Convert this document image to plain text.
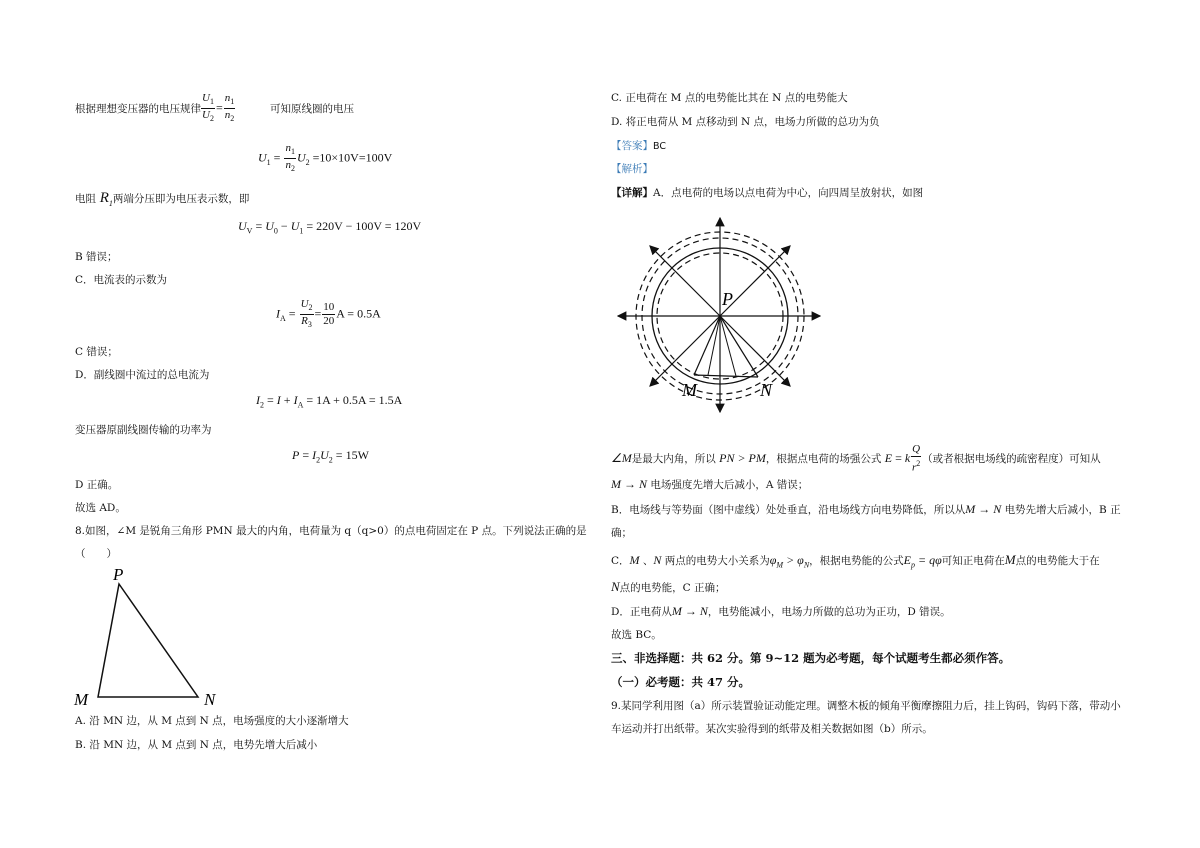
根据理想变压器的电压规律 $\frac{U_1}{U_2} = \frac{n_1}{n_2}$	可知原线圈的电压
$U_1 = \frac{n_1}{n_2} U_2 =10\times 10V=100V$
电阻 $R_1$两端分压即为电压表示数，即
$U_V = U_0 - U_1 = 220V - 100V = 120V$
B 错误；
C．电流表的示数为
$I_A = \frac{U_2}{R_3} = \frac{10}{20}$ A = 0.5A
C 错误；
D．副线圈中流过的总电流为
$I_2 = I + I_A = 1A + 0.5A = 1.5A$
变压器原副线圈传输的功率为
$P = I_2U_2 = 15W$
D 正确。
故选 AD。
8.如图，∠M 是锐角三角形 PMN 最大的内角，电荷量为 q（q>0）的点电荷固定在 P 点。下列说法正确的是
（　　）
P
M	N
A. 沿 MN 边，从 M 点到 N 点，电场强度的大小逐渐增大
B. 沿 MN 边，从 M 点到 N 点，电势先增大后减小
C. 正电荷在 M 点的电势能比其在 N 点的电势能大
D. 将正电荷从 M 点移动到 N 点，电场力所做的总功为负
【答案】BC
【解析】
【详解】A．点电荷的电场以点电荷为中心，向四周呈放射状，如图
P
M	N
∠M是最大内角，所以 PN > PM，根据点电荷的场强公式 E = k $\frac{Q}{r^2}$ （或者根据电场线的疏密程度）可知从
M → N 电场强度先增大后减小，A 错误；
B．电场线与等势面（图中虚线）处处垂直，沿电场线方向电势降低，所以从M → N 电势先增大后减小，B 正
确；
C．M 、N 两点的电势大小关系为$\varphi_M > \varphi_N$，根据电势能的公式$E_p = q\varphi$可知正电荷在M点的电势能大于在
N点的电势能，C 正确；
D．正电荷从M → N，电势能减小，电场力所做的总功为正功，D 错误。
故选 BC。
三、非选择题：共 62 分。第 9~12 题为必考题，每个试题考生都必须作答。
（一）必考题：共 47 分。
9.某同学利用图（a）所示装置验证动能定理。调整木板的倾角平衡摩擦阻力后，挂上钩码，钩码下落，带动小
车运动并打出纸带。某次实验得到的纸带及相关数据如图（b）所示。
